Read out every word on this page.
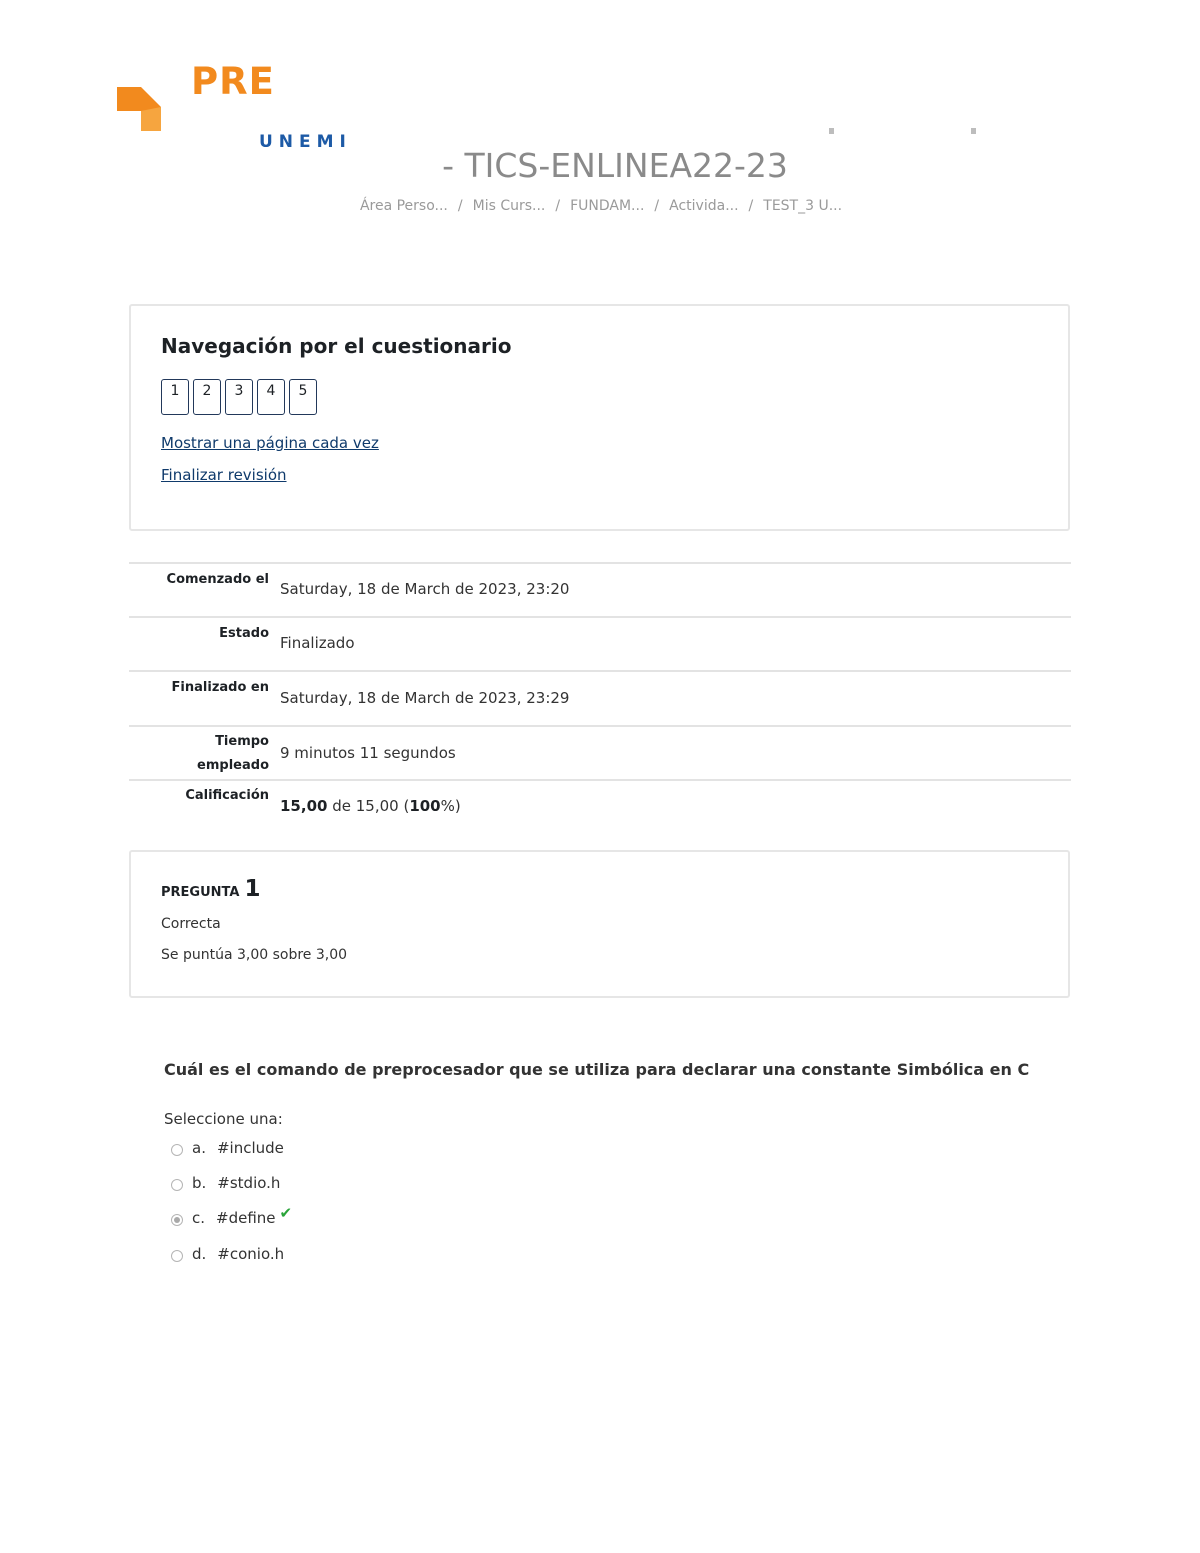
PRE
UNEMI
- TICS-ENLINEA22-23
Área Perso... / Mis Curs... / FUNDAM... / Activida... / TEST_3 U...
Navegación por el cuestionario
1	2	3	4	5
Mostrar una página cada vez
Finalizar revisión
Comenzado el
Saturday, 18 de March de 2023, 23:20
Estado
Finalizado
Finalizado en
Saturday, 18 de March de 2023, 23:29
Tiempo empleado
9 minutos 11 segundos
Calificación
15,00 de 15,00 (100%)
PREGUNTA 1
Correcta
Se puntúa 3,00 sobre 3,00
Cuál es el comando de preprocesador que se utiliza para declarar una constante Simbólica en C
Seleccione una:
a. #include
b. #stdio.h
c. #define ✔
d. #conio.h
